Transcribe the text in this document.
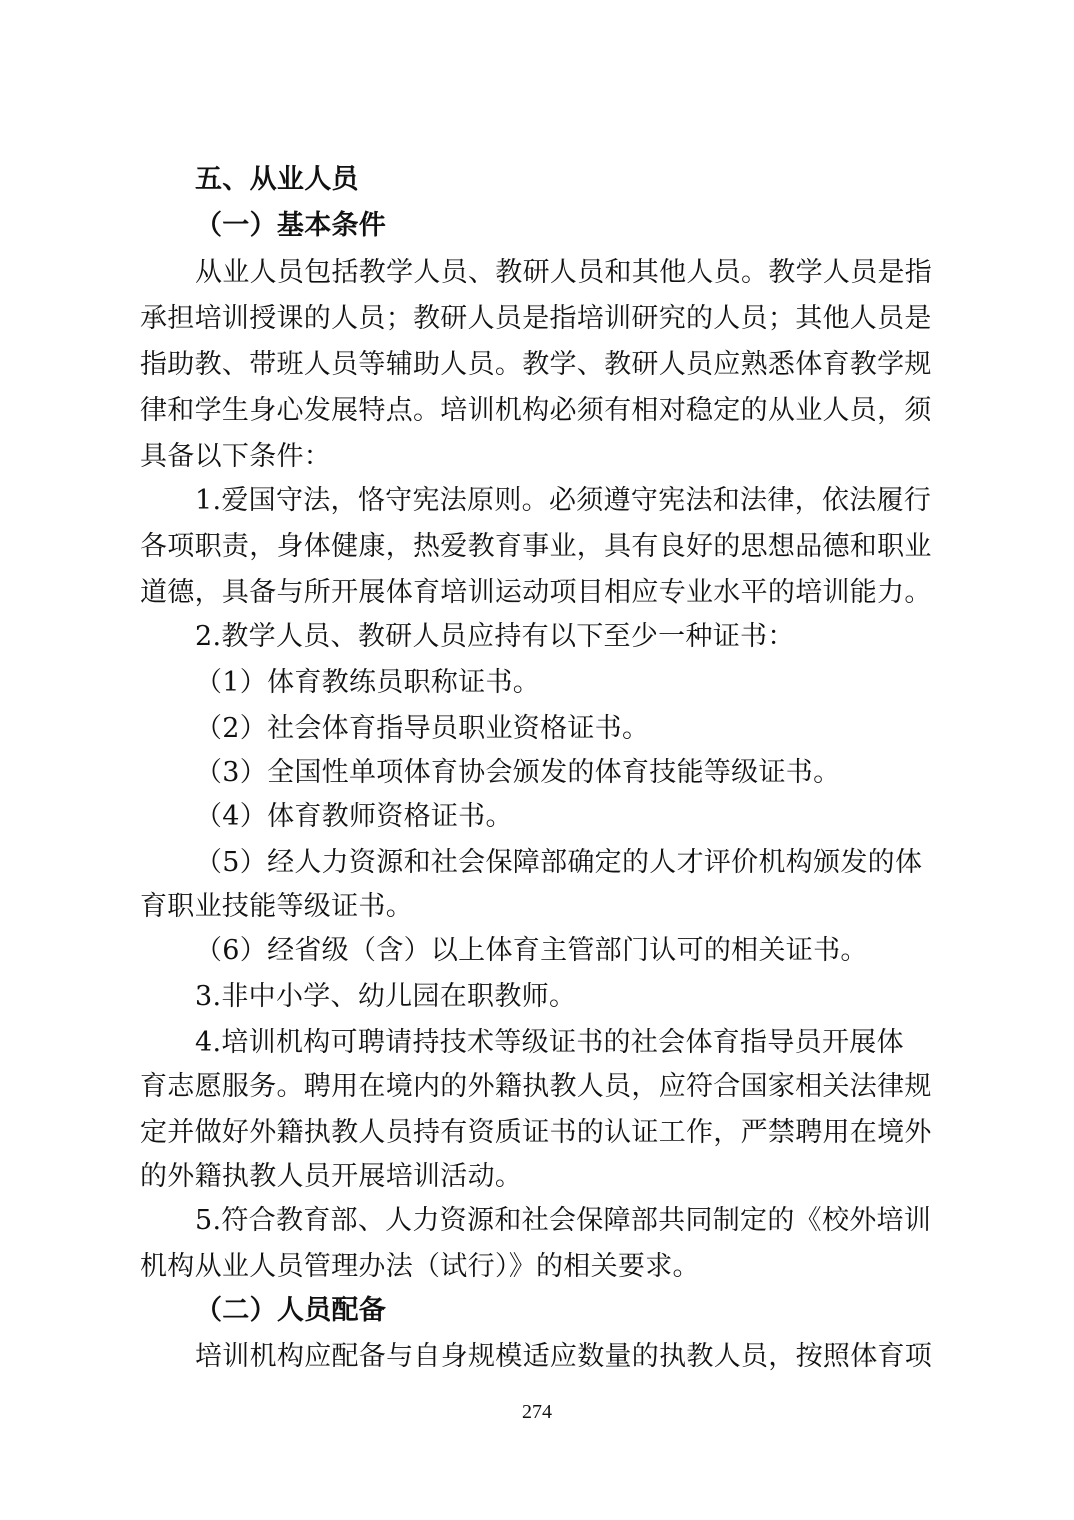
五、从业人员
（一）基本条件
从业人员包括教学人员、教研人员和其他人员。教学人员是指
承担培训授课的人员；教研人员是指培训研究的人员；其他人员是
指助教、带班人员等辅助人员。教学、教研人员应熟悉体育教学规
律和学生身心发展特点。培训机构必须有相对稳定的从业人员，须
具备以下条件：
1.爱国守法，恪守宪法原则。必须遵守宪法和法律，依法履行
各项职责，身体健康，热爱教育事业，具有良好的思想品德和职业
道德，具备与所开展体育培训运动项目相应专业水平的培训能力。
2.教学人员、教研人员应持有以下至少一种证书：
（1）体育教练员职称证书。
（2）社会体育指导员职业资格证书。
（3）全国性单项体育协会颁发的体育技能等级证书。
（4）体育教师资格证书。
（5）经人力资源和社会保障部确定的人才评价机构颁发的体
育职业技能等级证书。
（6）经省级（含）以上体育主管部门认可的相关证书。
3.非中小学、幼儿园在职教师。
4.培训机构可聘请持技术等级证书的社会体育指导员开展体
育志愿服务。聘用在境内的外籍执教人员，应符合国家相关法律规
定并做好外籍执教人员持有资质证书的认证工作，严禁聘用在境外
的外籍执教人员开展培训活动。
5.符合教育部、人力资源和社会保障部共同制定的《校外培训
机构从业人员管理办法（试行）》的相关要求。
（二）人员配备
培训机构应配备与自身规模适应数量的执教人员，按照体育项
274
